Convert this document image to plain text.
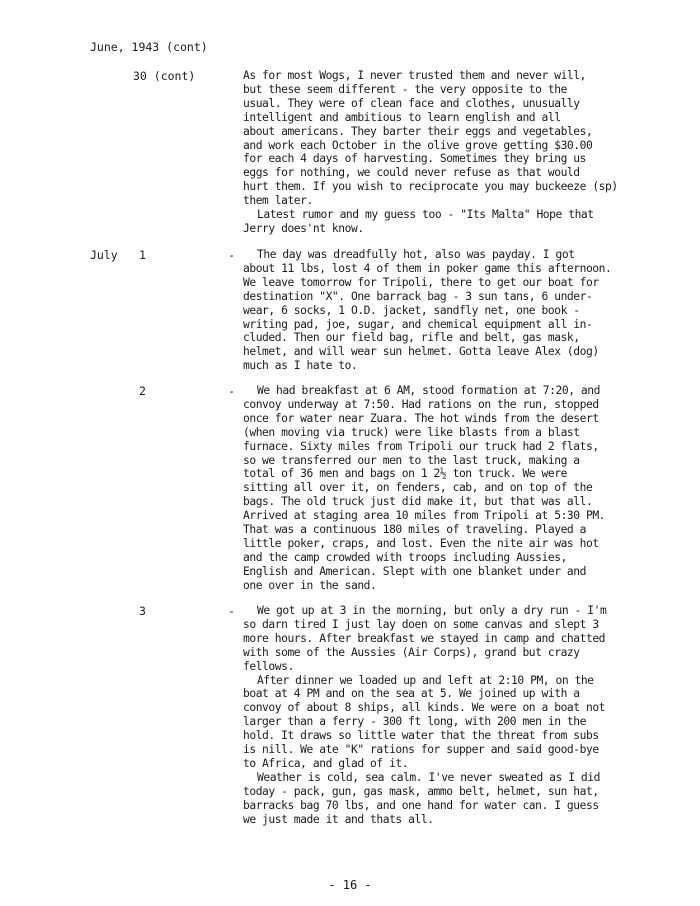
June, 1943 (cont)
30 (cont)	As for most Wogs, I never trusted them and never will,
but these seem different - the very opposite to the
usual. They were of clean face and clothes, unusually
intelligent and ambitious to learn english and all
about americans. They barter their eggs and vegetables,
and work each October in the olive grove getting $30.00
for each 4 days of harvesting. Sometimes they bring us
eggs for nothing, we could never refuse as that would
hurt them. If you wish to reciprocate you may buckeeze (sp)
them later.
Latest rumor and my guess too - "Its Malta" Hope that
Jerry does'nt know.
July 1	-	The day was dreadfully hot, also was payday. I got
about 11 lbs, lost 4 of them in poker game this afternoon.
We leave tomorrow for Tripoli, there to get our boat for
destination "X". One barrack bag - 3 sun tans, 6 under-
wear, 6 socks, 1 O.D. jacket, sandfly net, one book -
writing pad, joe, sugar, and chemical equipment all in-
cluded. Then our field bag, rifle and belt, gas mask,
helmet, and will wear sun helmet. Gotta leave Alex (dog)
much as I hate to.
2	-	We had breakfast at 6 AM, stood formation at 7:20, and
convoy underway at 7:50. Had rations on the run, stopped
once for water near Zuara. The hot winds from the desert
(when moving via truck) were like blasts from a blast
furnace. Sixty miles from Tripoli our truck had 2 flats,
so we transferred our men to the last truck, making a
total of 36 men and bags on 1 2½ ton truck. We were
sitting all over it, on fenders, cab, and on top of the
bags. The old truck just did make it, but that was all.
Arrived at staging area 10 miles from Tripoli at 5:30 PM.
That was a continuous 180 miles of traveling. Played a
little poker, craps, and lost. Even the nite air was hot
and the camp crowded with troops including Aussies,
English and American. Slept with one blanket under and
one over in the sand.
3	-	We got up at 3 in the morning, but only a dry run - I'm
so darn tired I just lay doen on some canvas and slept 3
more hours. After breakfast we stayed in camp and chatted
with some of the Aussies (Air Corps), grand but crazy
fellows.
After dinner we loaded up and left at 2:10 PM, on the
boat at 4 PM and on the sea at 5. We joined up with a
convoy of about 8 ships, all kinds. We were on a boat not
larger than a ferry - 300 ft long, with 200 men in the
hold. It draws so little water that the threat from subs
is nill. We ate "K" rations for supper and said good-bye
to Africa, and glad of it.
Weather is cold, sea calm. I've never sweated as I did
today - pack, gun, gas mask, ammo belt, helmet, sun hat,
barracks bag 70 lbs, and one hand for water can. I guess
we just made it and thats all.
- 16 -
